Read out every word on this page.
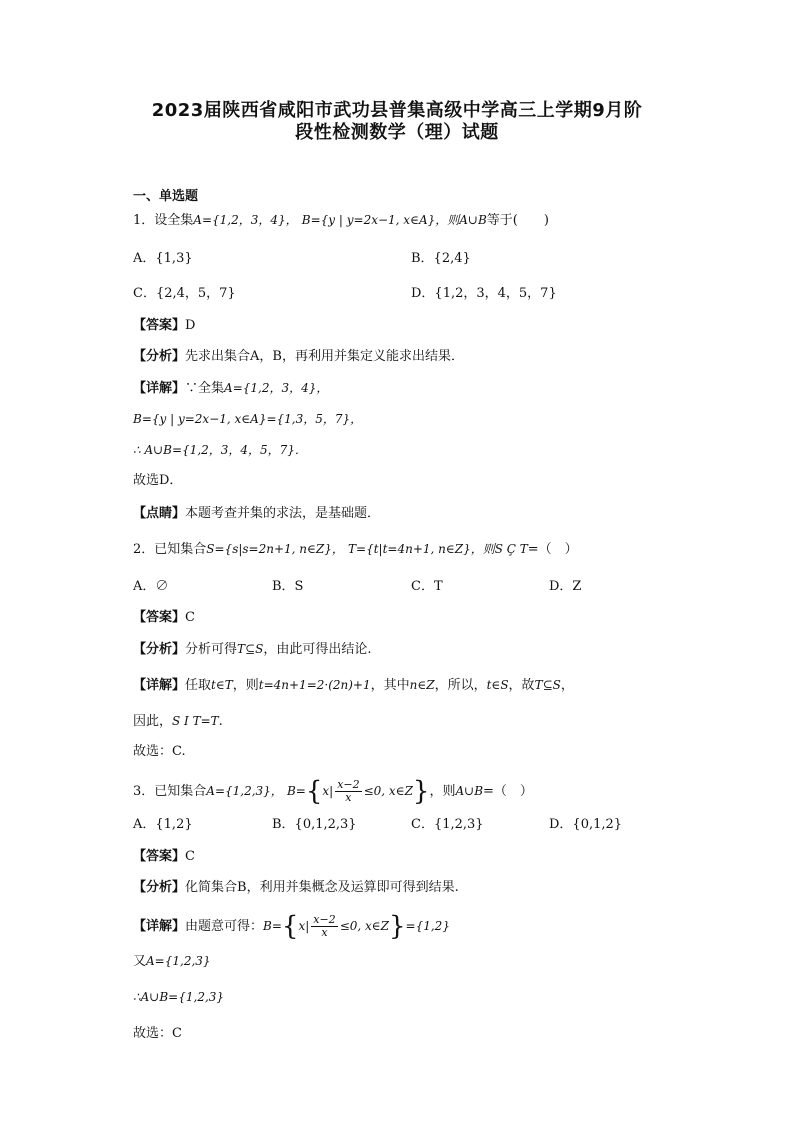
2023届陕西省咸阳市武功县普集高级中学高三上学期9月阶
段性检测数学（理）试题
一、单选题
1．设全集A={1,2，3，4}， B={y | y=2x−1, x∈A}，则A∪B等于(　　)
A．{1,3}	B．{2,4}
C．{2,4，5，7}	D．{1,2，3，4，5，7}
【答案】D
【分析】先求出集合A，B，再利用并集定义能求出结果．
【详解】∵全集A={1,2，3，4}，
B={y | y=2x−1, x∈A}={1,3，5，7}，
∴ A∪B={1,2，3，4，5，7}．
故选D．
【点睛】本题考查并集的求法，是基础题．
2．已知集合S={s|s=2n+1, n∈Z}， T={t|t=4n+1, n∈Z}，则S Ç T=（　）
A．∅	B．S	C．T	D．Z
【答案】C
【分析】分析可得T⊆S，由此可得出结论.
【详解】任取t∈T，则t=4n+1=2·(2n)+1，其中n∈Z，所以，t∈S，故T⊆S，
因此，S I T=T.
故选：C.
3．已知集合A={1,2,3}， $B=\{x| \frac{x-2}{x} \le 0$, x∈Z}，则A∪B=（　）
A．{1,2}	B．{0,1,2,3}	C．{1,2,3}	D．{0,1,2}
【答案】C
【分析】化简集合B，利用并集概念及运算即可得到结果.
【详解】由题意可得：$B=\{x| \frac{x-2}{x} \le 0$, x∈Z}={1,2}
又A={1,2,3}
∴A∪B={1,2,3}
故选：C
